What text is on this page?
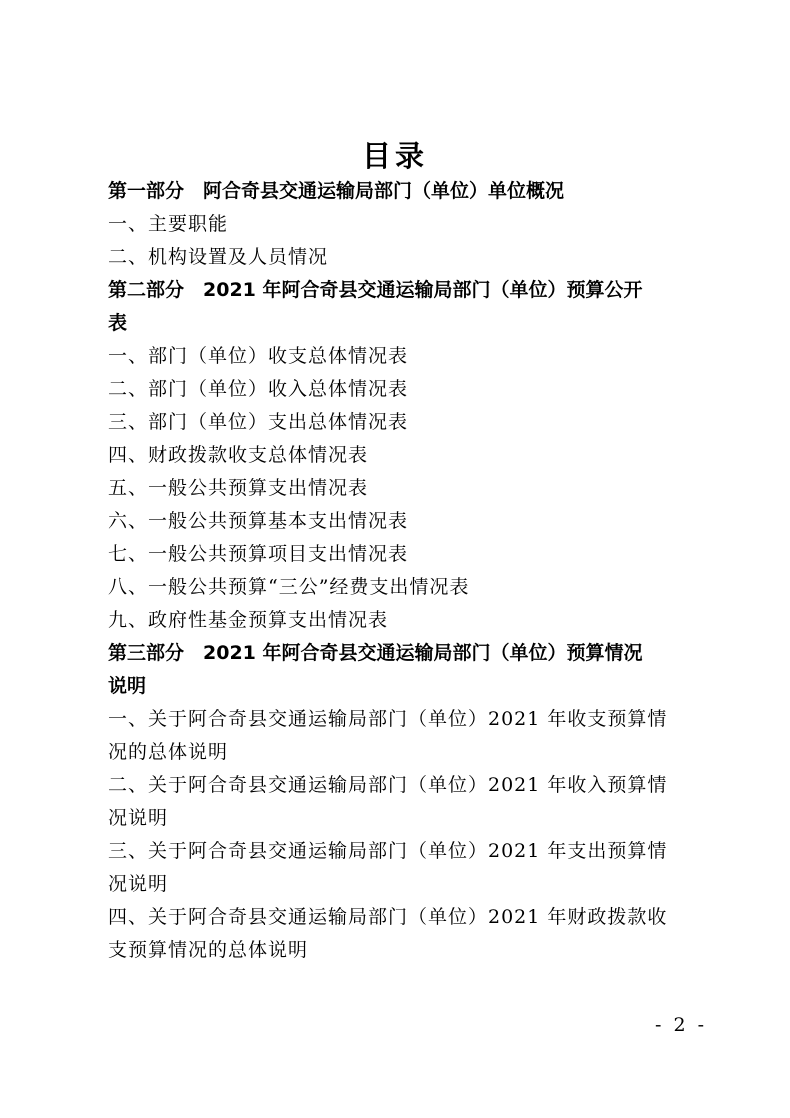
目录
第一部分　阿合奇县交通运输局部门（单位）单位概况
一、主要职能
二、机构设置及人员情况
第二部分　2021 年阿合奇县交通运输局部门（单位）预算公开
表
一、部门（单位）收支总体情况表
二、部门（单位）收入总体情况表
三、部门（单位）支出总体情况表
四、财政拨款收支总体情况表
五、一般公共预算支出情况表
六、一般公共预算基本支出情况表
七、一般公共预算项目支出情况表
八、一般公共预算“三公”经费支出情况表
九、政府性基金预算支出情况表
第三部分　2021 年阿合奇县交通运输局部门（单位）预算情况
说明
一、关于阿合奇县交通运输局部门（单位）2021 年收支预算情
况的总体说明
二、关于阿合奇县交通运输局部门（单位）2021 年收入预算情
况说明
三、关于阿合奇县交通运输局部门（单位）2021 年支出预算情
况说明
四、关于阿合奇县交通运输局部门（单位）2021 年财政拨款收
支预算情况的总体说明
- 2 -
